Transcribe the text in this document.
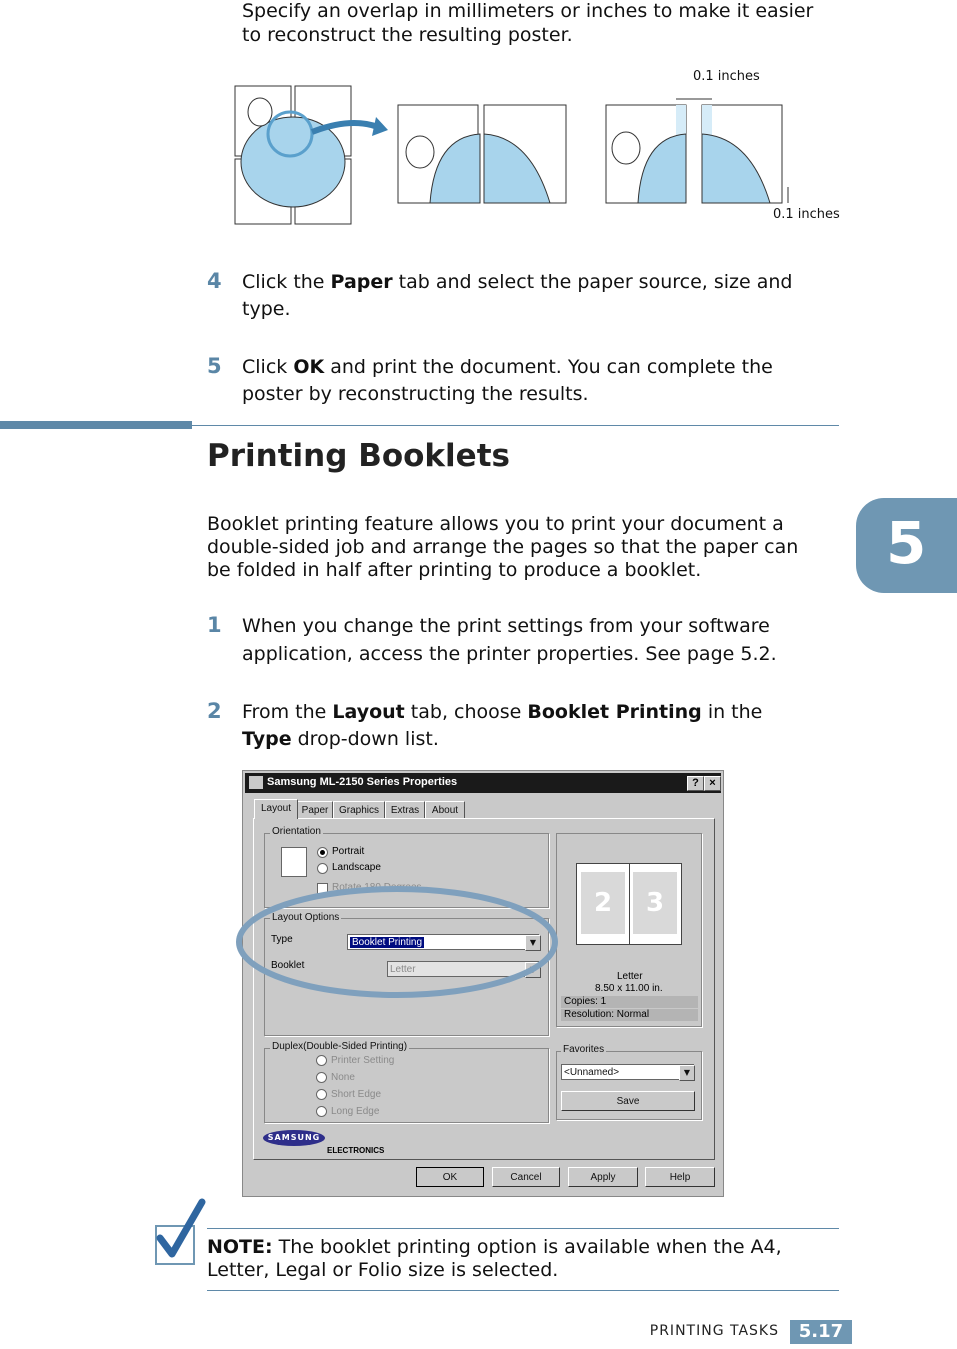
5
Specify an overlap in millimeters or inches to make it easier
to reconstruct the resulting poster.
0.1 inches
0.1 inches
4 Click the Paper tab and select the paper source, size and
type.
5 Click OK and print the document. You can complete the
poster by reconstructing the results.
Printing Booklets
Booklet printing feature allows you to print your document a
double-sided job and arrange the pages so that the paper can
be folded in half after printing to produce a booklet.
1 When you change the print settings from your software
application, access the printer properties. See page 5.2.
2 From the Layout tab, choose Booklet Printing in the
Type drop-down list.
Samsung ML-2150 Series Properties	? ×
Layout	Paper	Graphics	Extras	About
Orientation
Portrait
Landscape
Rotate 180 Degrees
Layout Options
Type	Booklet Printing	▼
Booklet	Letter	▼
2	3
Letter
8.50 x 11.00 in.
Copies: 1
Resolution: Normal
Duplex(Double-Sided Printing)
Printer Setting
None
Short Edge
Long Edge
Favorites
<Unnamed>	▼
Save
SAMSUNG
ELECTRONICS
OK	Cancel	Apply	Help
NOTE: The booklet printing option is available when the A4,
Letter, Legal or Folio size is selected.
PRINTING TASKS	5.17
